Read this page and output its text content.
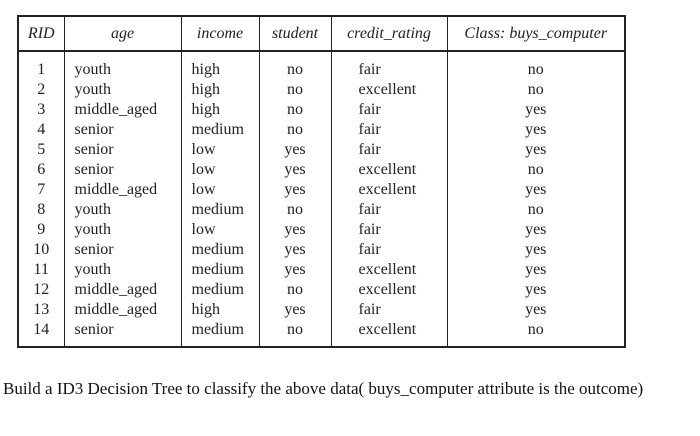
RID	age	income	student	credit_rating	Class: buys_computer
1	youth	high	no	fair	no
2	youth	high	no	excellent	no
3	middle_aged	high	no	fair	yes
4	senior	medium	no	fair	yes
5	senior	low	yes	fair	yes
6	senior	low	yes	excellent	no
7	middle_aged	low	yes	excellent	yes
8	youth	medium	no	fair	no
9	youth	low	yes	fair	yes
10	senior	medium	yes	fair	yes
11	youth	medium	yes	excellent	yes
12	middle_aged	medium	no	excellent	yes
13	middle_aged	high	yes	fair	yes
14	senior	medium	no	excellent	no

Build a ID3 Decision Tree to classify the above data( buys_computer attribute is the outcome)
